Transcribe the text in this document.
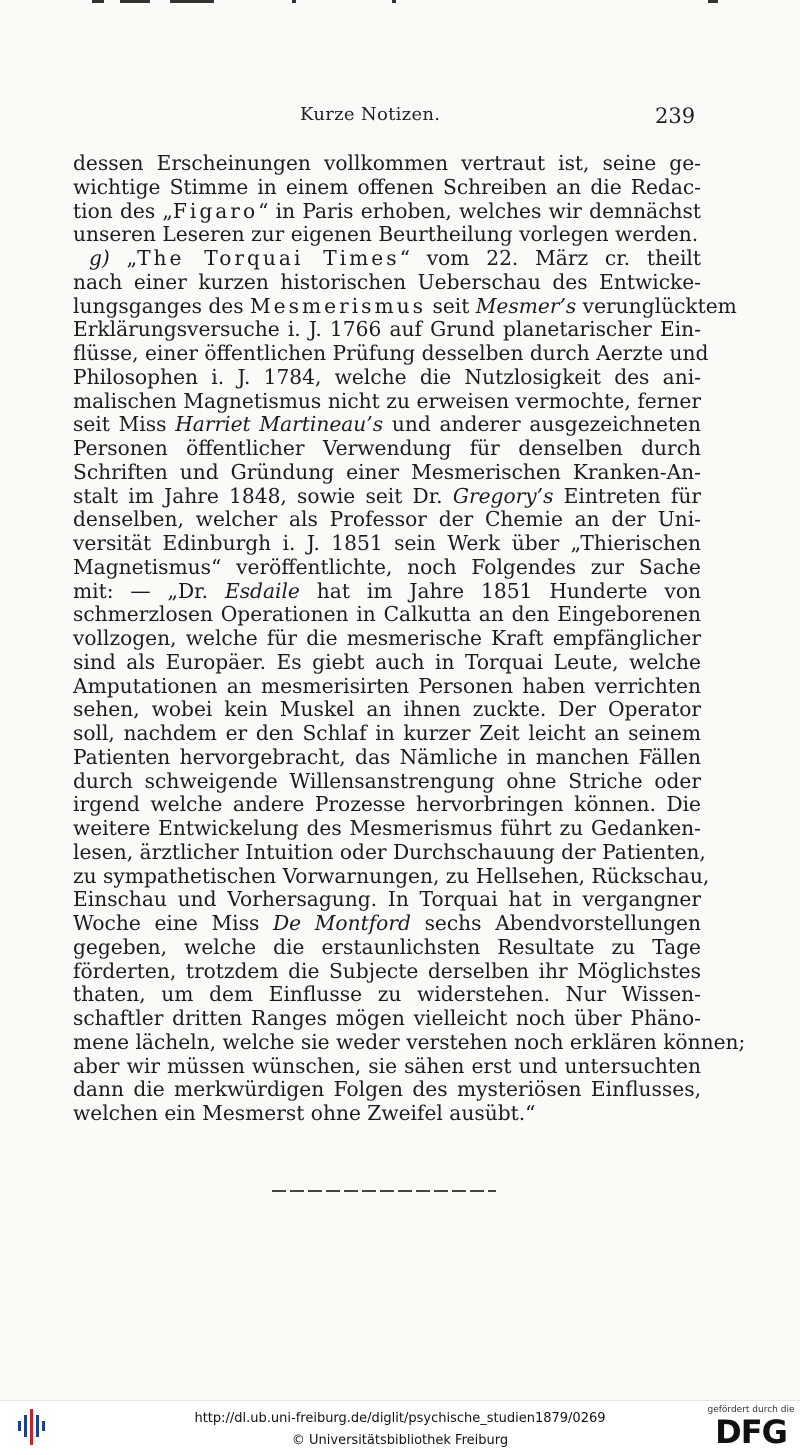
Kurze Notizen.	239
dessen Erscheinungen vollkommen vertraut ist, seine ge-
wichtige Stimme in einem offenen Schreiben an die Redac-
tion des „Figaro“ in Paris erhoben, welches wir demnächst
unseren Leseren zur eigenen Beurtheilung vorlegen werden.
g) „The Torquai Times“ vom 22. März cr. theilt
nach einer kurzen historischen Ueberschau des Entwicke-
lungsganges des Mesmerismus seit Mesmer’s verunglücktem
Erklärungsversuche i. J. 1766 auf Grund planetarischer Ein-
flüsse, einer öffentlichen Prüfung desselben durch Aerzte und
Philosophen i. J. 1784, welche die Nutzlosigkeit des ani-
malischen Magnetismus nicht zu erweisen vermochte, ferner
seit Miss Harriet Martineau’s und anderer ausgezeichneten
Personen öffentlicher Verwendung für denselben durch
Schriften und Gründung einer Mesmerischen Kranken-An-
stalt im Jahre 1848, sowie seit Dr. Gregory’s Eintreten für
denselben, welcher als Professor der Chemie an der Uni-
versität Edinburgh i. J. 1851 sein Werk über „Thierischen
Magnetismus“ veröffentlichte, noch Folgendes zur Sache
mit: — „Dr. Esdaile hat im Jahre 1851 Hunderte von
schmerzlosen Operationen in Calkutta an den Eingeborenen
vollzogen, welche für die mesmerische Kraft empfänglicher
sind als Europäer. Es giebt auch in Torquai Leute, welche
Amputationen an mesmerisirten Personen haben verrichten
sehen, wobei kein Muskel an ihnen zuckte. Der Operator
soll, nachdem er den Schlaf in kurzer Zeit leicht an seinem
Patienten hervorgebracht, das Nämliche in manchen Fällen
durch schweigende Willensanstrengung ohne Striche oder
irgend welche andere Prozesse hervorbringen können. Die
weitere Entwickelung des Mesmerismus führt zu Gedanken-
lesen, ärztlicher Intuition oder Durchschauung der Patienten,
zu sympathetischen Vorwarnungen, zu Hellsehen, Rückschau,
Einschau und Vorhersagung. In Torquai hat in vergangner
Woche eine Miss De Montford sechs Abendvorstellungen
gegeben, welche die erstaunlichsten Resultate zu Tage
förderten, trotzdem die Subjecte derselben ihr Möglichstes
thaten, um dem Einflusse zu widerstehen. Nur Wissen-
schaftler dritten Ranges mögen vielleicht noch über Phäno-
mene lächeln, welche sie weder verstehen noch erklären können;
aber wir müssen wünschen, sie sähen erst und untersuchten
dann die merkwürdigen Folgen des mysteriösen Einflusses,
welchen ein Mesmerst ohne Zweifel ausübt.“
http://dl.ub.uni-freiburg.de/diglit/psychische_studien1879/0269
© Universitätsbibliothek Freiburg
gefördert durch die
DFG
